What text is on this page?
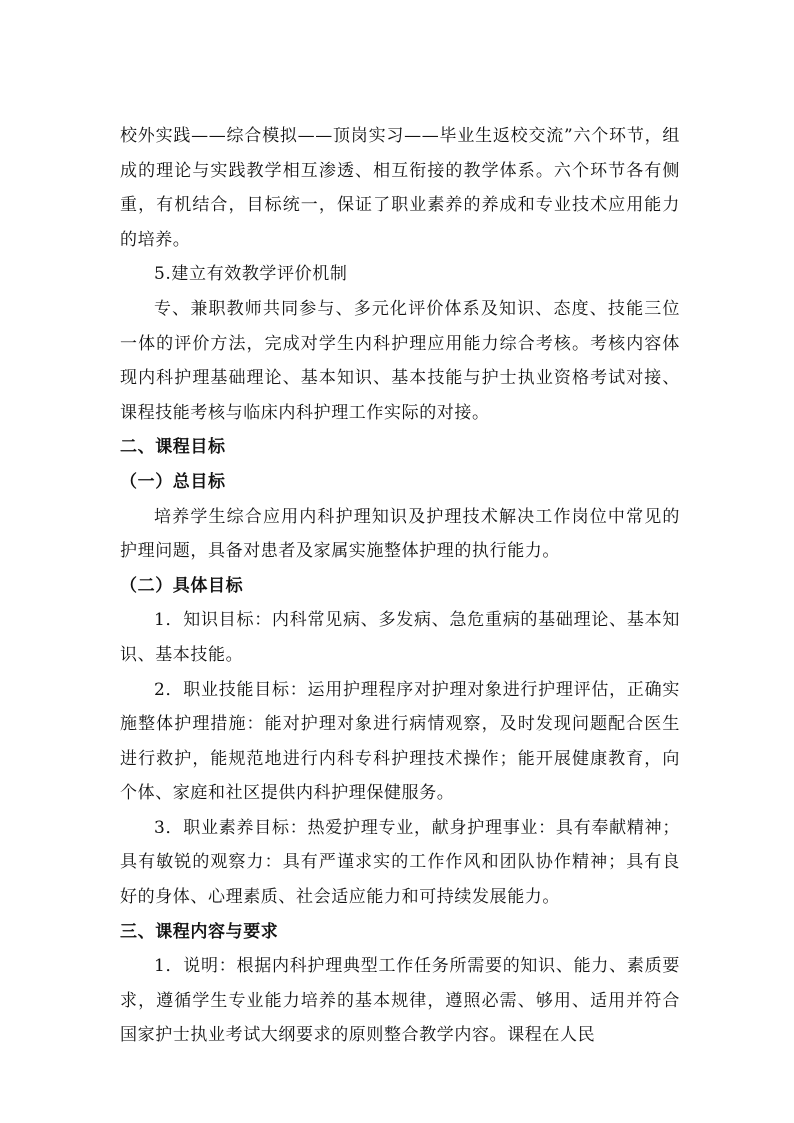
校外实践——综合模拟——顶岗实习——毕业生返校交流”六个环节，组成的理论与实践教学相互渗透、相互衔接的教学体系。六个环节各有侧重，有机结合，目标统一，保证了职业素养的养成和专业技术应用能力的培养。

5.建立有效教学评价机制

专、兼职教师共同参与、多元化评价体系及知识、态度、技能三位一体的评价方法，完成对学生内科护理应用能力综合考核。考核内容体现内科护理基础理论、基本知识、基本技能与护士执业资格考试对接、课程技能考核与临床内科护理工作实际的对接。

二、课程目标
（一）总目标

培养学生综合应用内科护理知识及护理技术解决工作岗位中常见的护理问题，具备对患者及家属实施整体护理的执行能力。

（二）具体目标

1．知识目标：内科常见病、多发病、急危重病的基础理论、基本知识、基本技能。

2．职业技能目标：运用护理程序对护理对象进行护理评估，正确实施整体护理措施：能对护理对象进行病情观察，及时发现问题配合医生进行救护，能规范地进行内科专科护理技术操作；能开展健康教育，向个体、家庭和社区提供内科护理保健服务。

3．职业素养目标：热爱护理专业，献身护理事业：具有奉献精神；具有敏锐的观察力：具有严谨求实的工作作风和团队协作精神；具有良好的身体、心理素质、社会适应能力和可持续发展能力。

三、课程内容与要求

1．说明：根据内科护理典型工作任务所需要的知识、能力、素质要求，遵循学生专业能力培养的基本规律，遵照必需、够用、适用并符合国家护士执业考试大纲要求的原则整合教学内容。课程在人民
